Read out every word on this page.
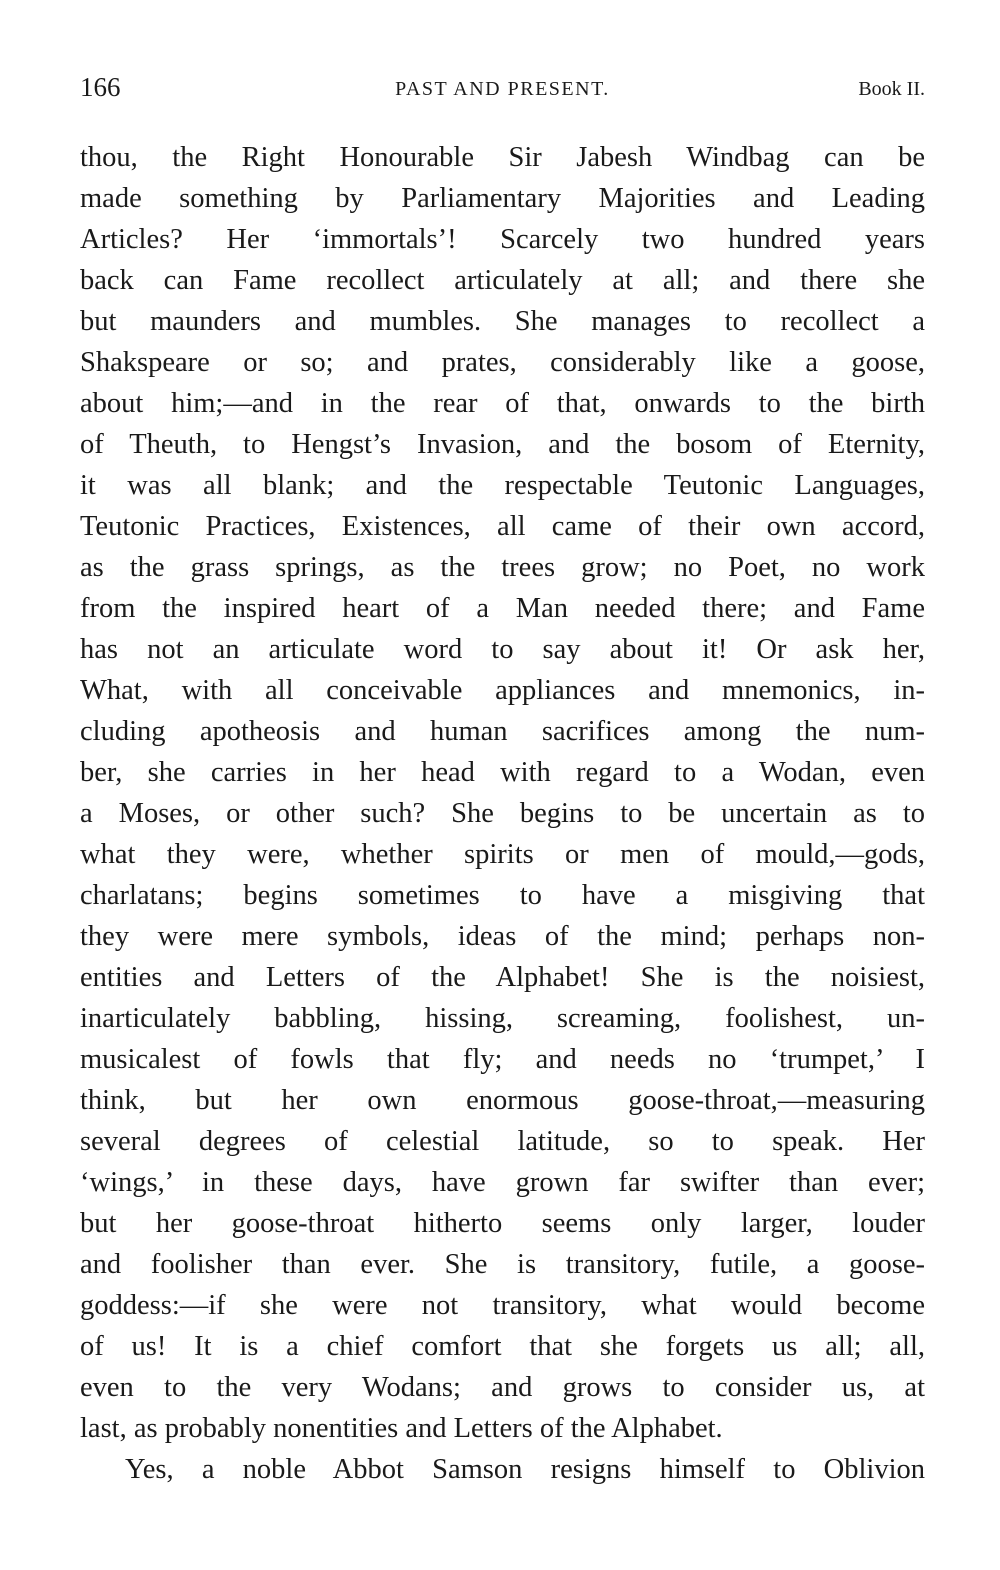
166	PAST AND PRESENT.	Book II.
thou, the Right Honourable Sir Jabesh Windbag can be
made something by Parliamentary Majorities and Leading
Articles? Her ‘immortals’! Scarcely two hundred years
back can Fame recollect articulately at all; and there she
but maunders and mumbles. She manages to recollect a
Shakspeare or so; and prates, considerably like a goose,
about him;—and in the rear of that, onwards to the birth
of Theuth, to Hengst’s Invasion, and the bosom of Eternity,
it was all blank; and the respectable Teutonic Languages,
Teutonic Practices, Existences, all came of their own accord,
as the grass springs, as the trees grow; no Poet, no work
from the inspired heart of a Man needed there; and Fame
has not an articulate word to say about it! Or ask her,
What, with all conceivable appliances and mnemonics, in-
cluding apotheosis and human sacrifices among the num-
ber, she carries in her head with regard to a Wodan, even
a Moses, or other such? She begins to be uncertain as to
what they were, whether spirits or men of mould,—gods,
charlatans; begins sometimes to have a misgiving that
they were mere symbols, ideas of the mind; perhaps non-
entities and Letters of the Alphabet! She is the noisiest,
inarticulately babbling, hissing, screaming, foolishest, un-
musicalest of fowls that fly; and needs no ‘trumpet,’ I
think, but her own enormous goose-throat,—measuring
several degrees of celestial latitude, so to speak. Her
‘wings,’ in these days, have grown far swifter than ever;
but her goose-throat hitherto seems only larger, louder
and foolisher than ever. She is transitory, futile, a goose-
goddess:—if she were not transitory, what would become
of us! It is a chief comfort that she forgets us all; all,
even to the very Wodans; and grows to consider us, at
last, as probably nonentities and Letters of the Alphabet.
Yes, a noble Abbot Samson resigns himself to Oblivion
